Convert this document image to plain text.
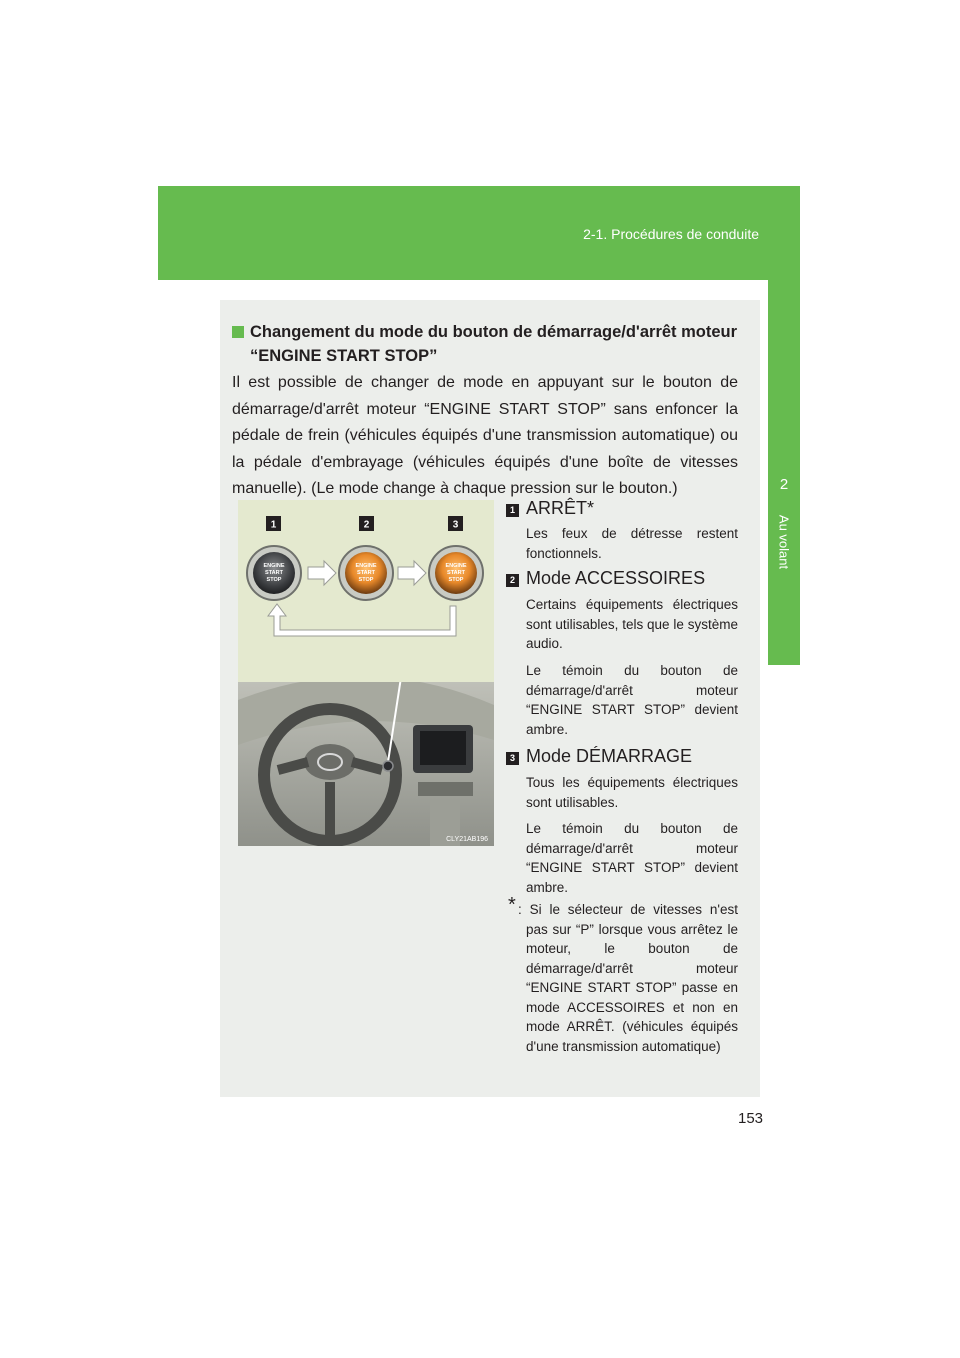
2-1. Procédures de conduite
2
Au volant
Changement du mode du bouton de démarrage/d'arrêt moteur
“ENGINE START STOP”

Il est possible de changer de mode en appuyant sur le bouton de démarrage/d'arrêt moteur “ENGINE START STOP” sans enfoncer la pédale de frein (véhicules équipés d'une transmission automatique) ou la pédale d'embrayage (véhicules équipés d'une boîte de vitesses manuelle). (Le mode change à chaque pression sur le bouton.)

1	2	3
ENGINE
START
STOP
ENGINE
START
STOP
ENGINE
START
STOP
CLY21AB196
1 ARRÊT*

Les feux de détresse restent fonctionnels.

2 Mode ACCESSOIRES

Certains équipements électriques sont utilisables, tels que le système audio.

Le témoin du bouton de démarrage/d'arrêt moteur “ENGINE START STOP” devient ambre.

3 Mode DÉMARRAGE

Tous les équipements électriques sont utilisables.

Le témoin du bouton de démarrage/d'arrêt moteur “ENGINE START STOP” devient ambre.

* : Si le sélecteur de vitesses n'est pas sur “P” lorsque vous arrêtez le moteur, le bouton de démarrage/d'arrêt moteur “ENGINE START STOP” passe en mode ACCESSOIRES et non en mode ARRÊT. (véhicules équipés d'une transmission automatique)

153
